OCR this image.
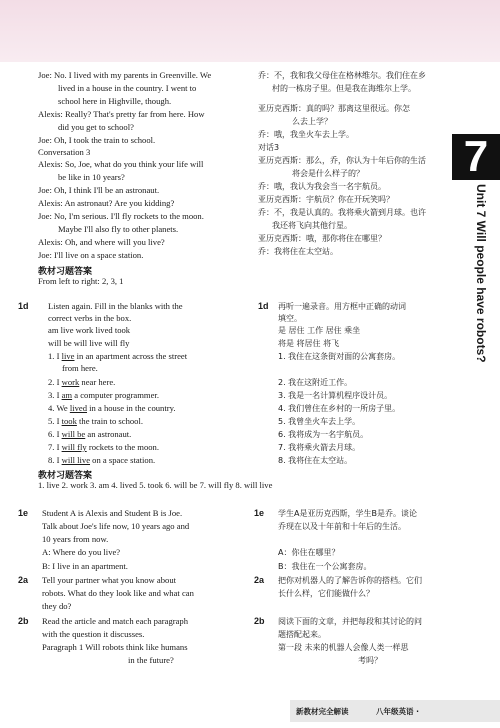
教材习题答案
From left to right: 2, 3, 1
1d	1d
教材习题答案
1. live 2. work 3. am 4. lived 5. took 6. will be 7. will fly 8. will live
Joe: No. I lived with my parents in Greenville. We
lived in a house in the country. I went to
school here in Highville, though.
Alexis: Really? That's pretty far from here. How
did you get to school?
Joe: Oh, I took the train to school.
Conversation 3
Alexis: So, Joe, what do you think your life will
be like in 10 years?
Joe: Oh, I think I'll be an astronaut.
Alexis: An astronaut? Are you kidding?
Joe: No, I'm serious. I'll fly rockets to the moon.
Maybe I'll also fly to other planets.
Alexis: Oh, and where will you live?
Joe: I'll live on a space station.
乔：不，我和我父母住在格林维尔。我们住在乡
村的一栋房子里。但是我在海维尔上学。
亚历克西斯：真的吗？那离这里很远。你怎
么去上学？
乔：哦，我坐火车去上学。
对话3
亚历克西斯：那么，乔，你认为十年后你的生活
将会是什么样子的？
乔：哦，我认为我会当一名宇航员。
亚历克西斯：宇航员？你在开玩笑吗？
乔：不，我是认真的。我将乘火箭到月球。也许
我还将飞向其他行星。
亚历克西斯：哦，那你将住在哪里？
乔：我将住在太空站。
Listen again. Fill in the blanks with the
correct verbs in the box.
am live work lived took
will be will live will fly
再听一遍录音。用方框中正确的动词
填空。
是 居住 工作 居住 乘坐
将是 将居住 将飞
1. 我住在这条街对面的公寓套房。
2. 我在这附近工作。
3. 我是一名计算机程序设计员。
4. 我们曾住在乡村的一所房子里。
5. 我曾坐火车去上学。
6. 我将成为一名宇航员。
7. 我将乘火箭去月球。
8. 我将住在太空站。
Student A is Alexis and Student B is Joe.
1e
Talk about Joe's life now, 10 years ago and
10 years from now.
A: Where do you live?
B: I live in an apartment.
Tell your partner what you know about
2a
robots. What do they look like and what can
they do?
Read the article and match each paragraph
2b
with the question it discusses.
Paragraph 1 Will robots think like humans
in the future?
学生A是亚历克西斯，学生B是乔。谈论
1e
乔现在以及十年前和十年后的生活。
A：你住在哪里？
B：我住在一个公寓套房。
把你对机器人的了解告诉你的搭档。它们
2a
长什么样，它们能做什么？
阅读下面的文章，并把每段和其讨论的问
2b
题搭配起来。
第一段 未来的机器人会像人类一样思
考吗？
1. I live in an apartment across the street
from here.
2. I work near here.
3. I am a computer programmer.
4. We lived in a house in the country.
5. I took the train to school.
6. I will be an astronaut.
7. I will fly rockets to the moon.
8. I will live on a space station.
7
Unit 7 Will people have robots?
新教材完全解读	八年级英语 ·
